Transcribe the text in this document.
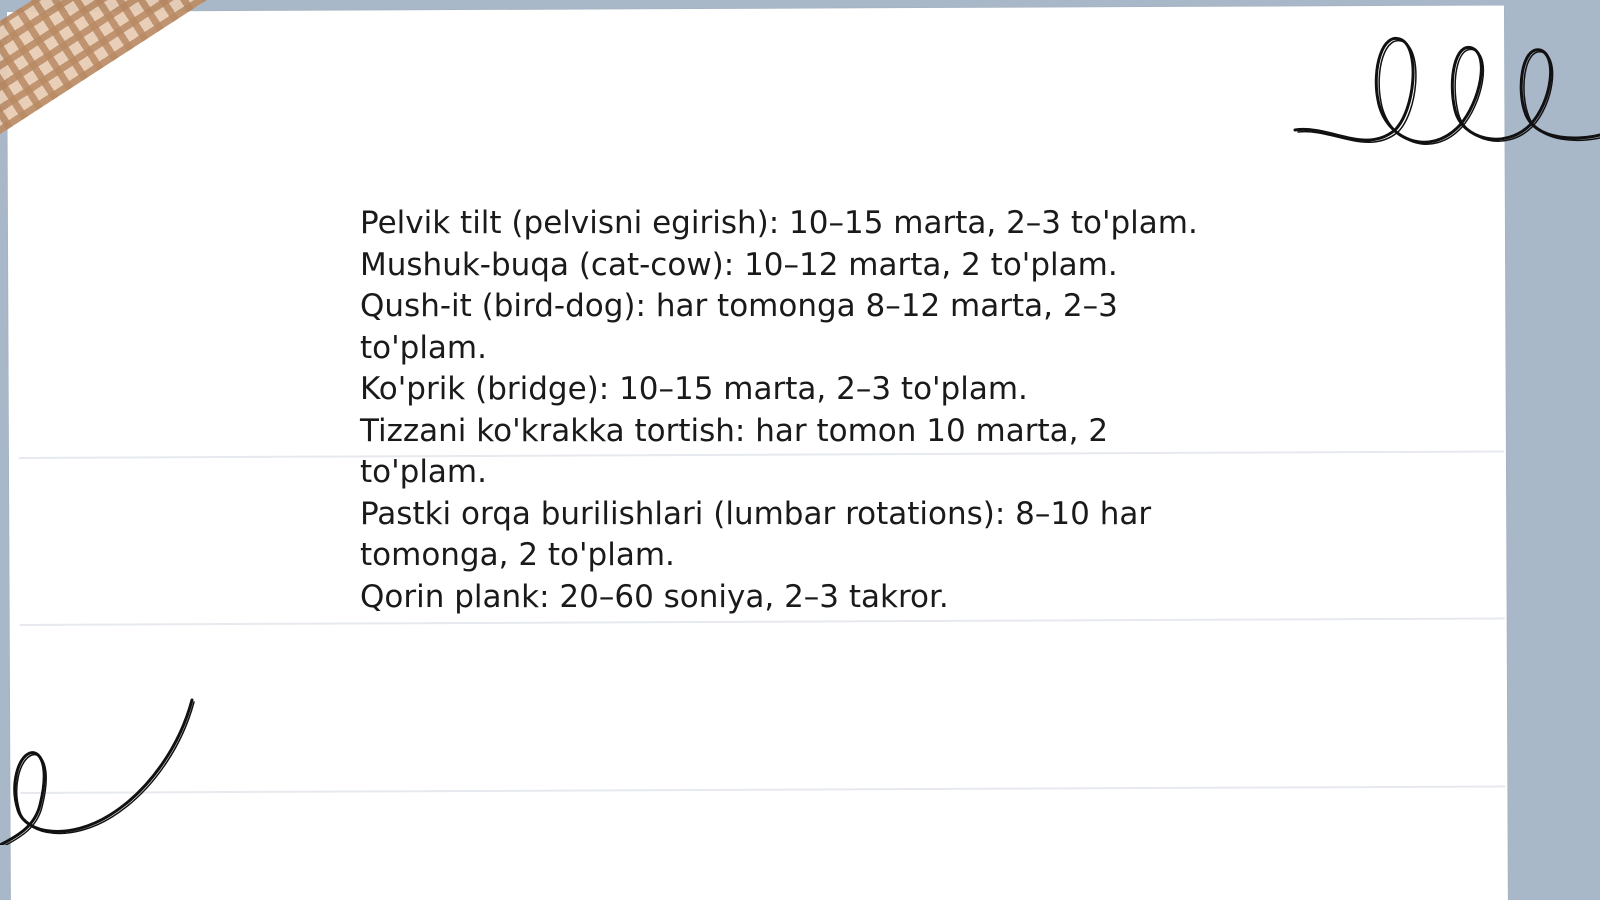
Pelvik tilt (pelvisni egirish): 10–15 marta, 2–3 to'plam.
Mushuk-buqa (cat-cow): 10–12 marta, 2 to'plam.
Qush-it (bird-dog): har tomonga 8–12 marta, 2–3 to'plam.
Ko'prik (bridge): 10–15 marta, 2–3 to'plam.
Tizzani ko'krakka tortish: har tomon 10 marta, 2 to'plam.
Pastki orqa burilishlari (lumbar rotations): 8–10 har tomonga, 2 to'plam.
Qorin plank: 20–60 soniya, 2–3 takror.
